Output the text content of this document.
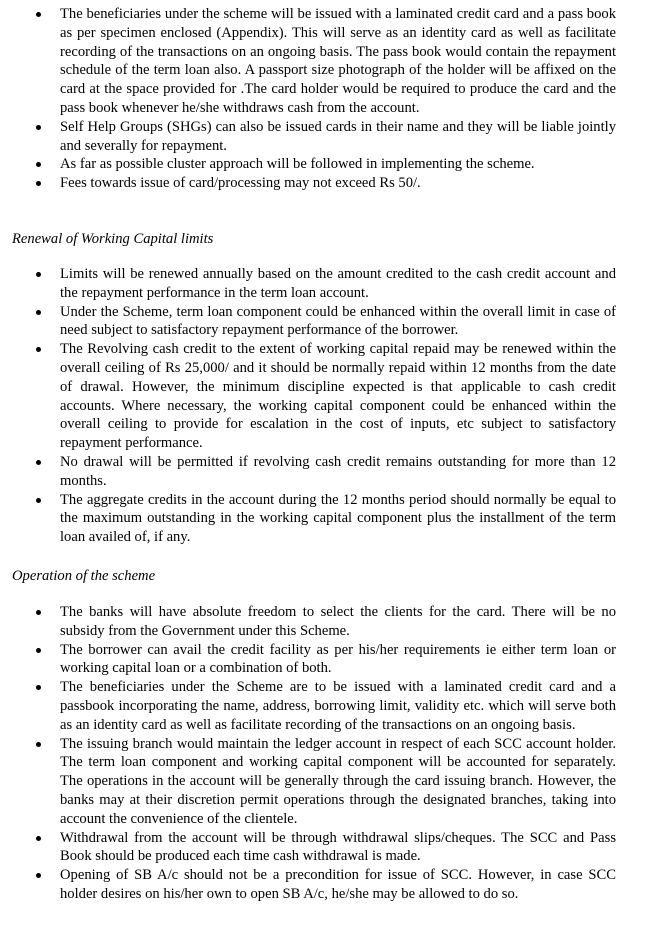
The beneficiaries under the scheme will be issued with a laminated credit card and a pass book as per specimen enclosed (Appendix). This will serve as an identity card as well as facilitate recording of the transactions on an ongoing basis. The pass book would contain the repayment schedule of the term loan also. A passport size photograph of the holder will be affixed on the card at the space provided for .The card holder would be required to produce the card and the pass book whenever he/she withdraws cash from the account.
Self Help Groups (SHGs) can also be issued cards in their name and they will be liable jointly and severally for repayment.
As far as possible cluster approach will be followed in implementing the scheme.
Fees towards issue of card/processing may not exceed Rs 50/.

Renewal of Working Capital limits

Limits will be renewed annually based on the amount credited to the cash credit account and the repayment performance in the term loan account.
Under the Scheme, term loan component could be enhanced within the overall limit in case of need subject to satisfactory repayment performance of the borrower.
The Revolving cash credit to the extent of working capital repaid may be renewed within the overall ceiling of Rs 25,000/ and it should be normally repaid within 12 months from the date of drawal. However, the minimum discipline expected is that applicable to cash credit accounts. Where necessary, the working capital component could be enhanced within the overall ceiling to provide for escalation in the cost of inputs, etc subject to satisfactory repayment performance.
No drawal will be permitted if revolving cash credit remains outstanding for more than 12 months.
The aggregate credits in the account during the 12 months period should normally be equal to the maximum outstanding in the working capital component plus the installment of the term loan availed of, if any.

Operation of the scheme

The banks will have absolute freedom to select the clients for the card. There will be no subsidy from the Government under this Scheme.
The borrower can avail the credit facility as per his/her requirements ie either term loan or working capital loan or a combination of both.
The beneficiaries under the Scheme are to be issued with a laminated credit card and a passbook incorporating the name, address, borrowing limit, validity etc. which will serve both as an identity card as well as facilitate recording of the transactions on an ongoing basis.
The issuing branch would maintain the ledger account in respect of each SCC account holder. The term loan component and working capital component will be accounted for separately. The operations in the account will be generally through the card issuing branch. However, the banks may at their discretion permit operations through the designated branches, taking into account the convenience of the clientele.
Withdrawal from the account will be through withdrawal slips/cheques. The SCC and Pass Book should be produced each time cash withdrawal is made.
Opening of SB A/c should not be a precondition for issue of SCC. However, in case SCC holder desires on his/her own to open SB A/c, he/she may be allowed to do so.
